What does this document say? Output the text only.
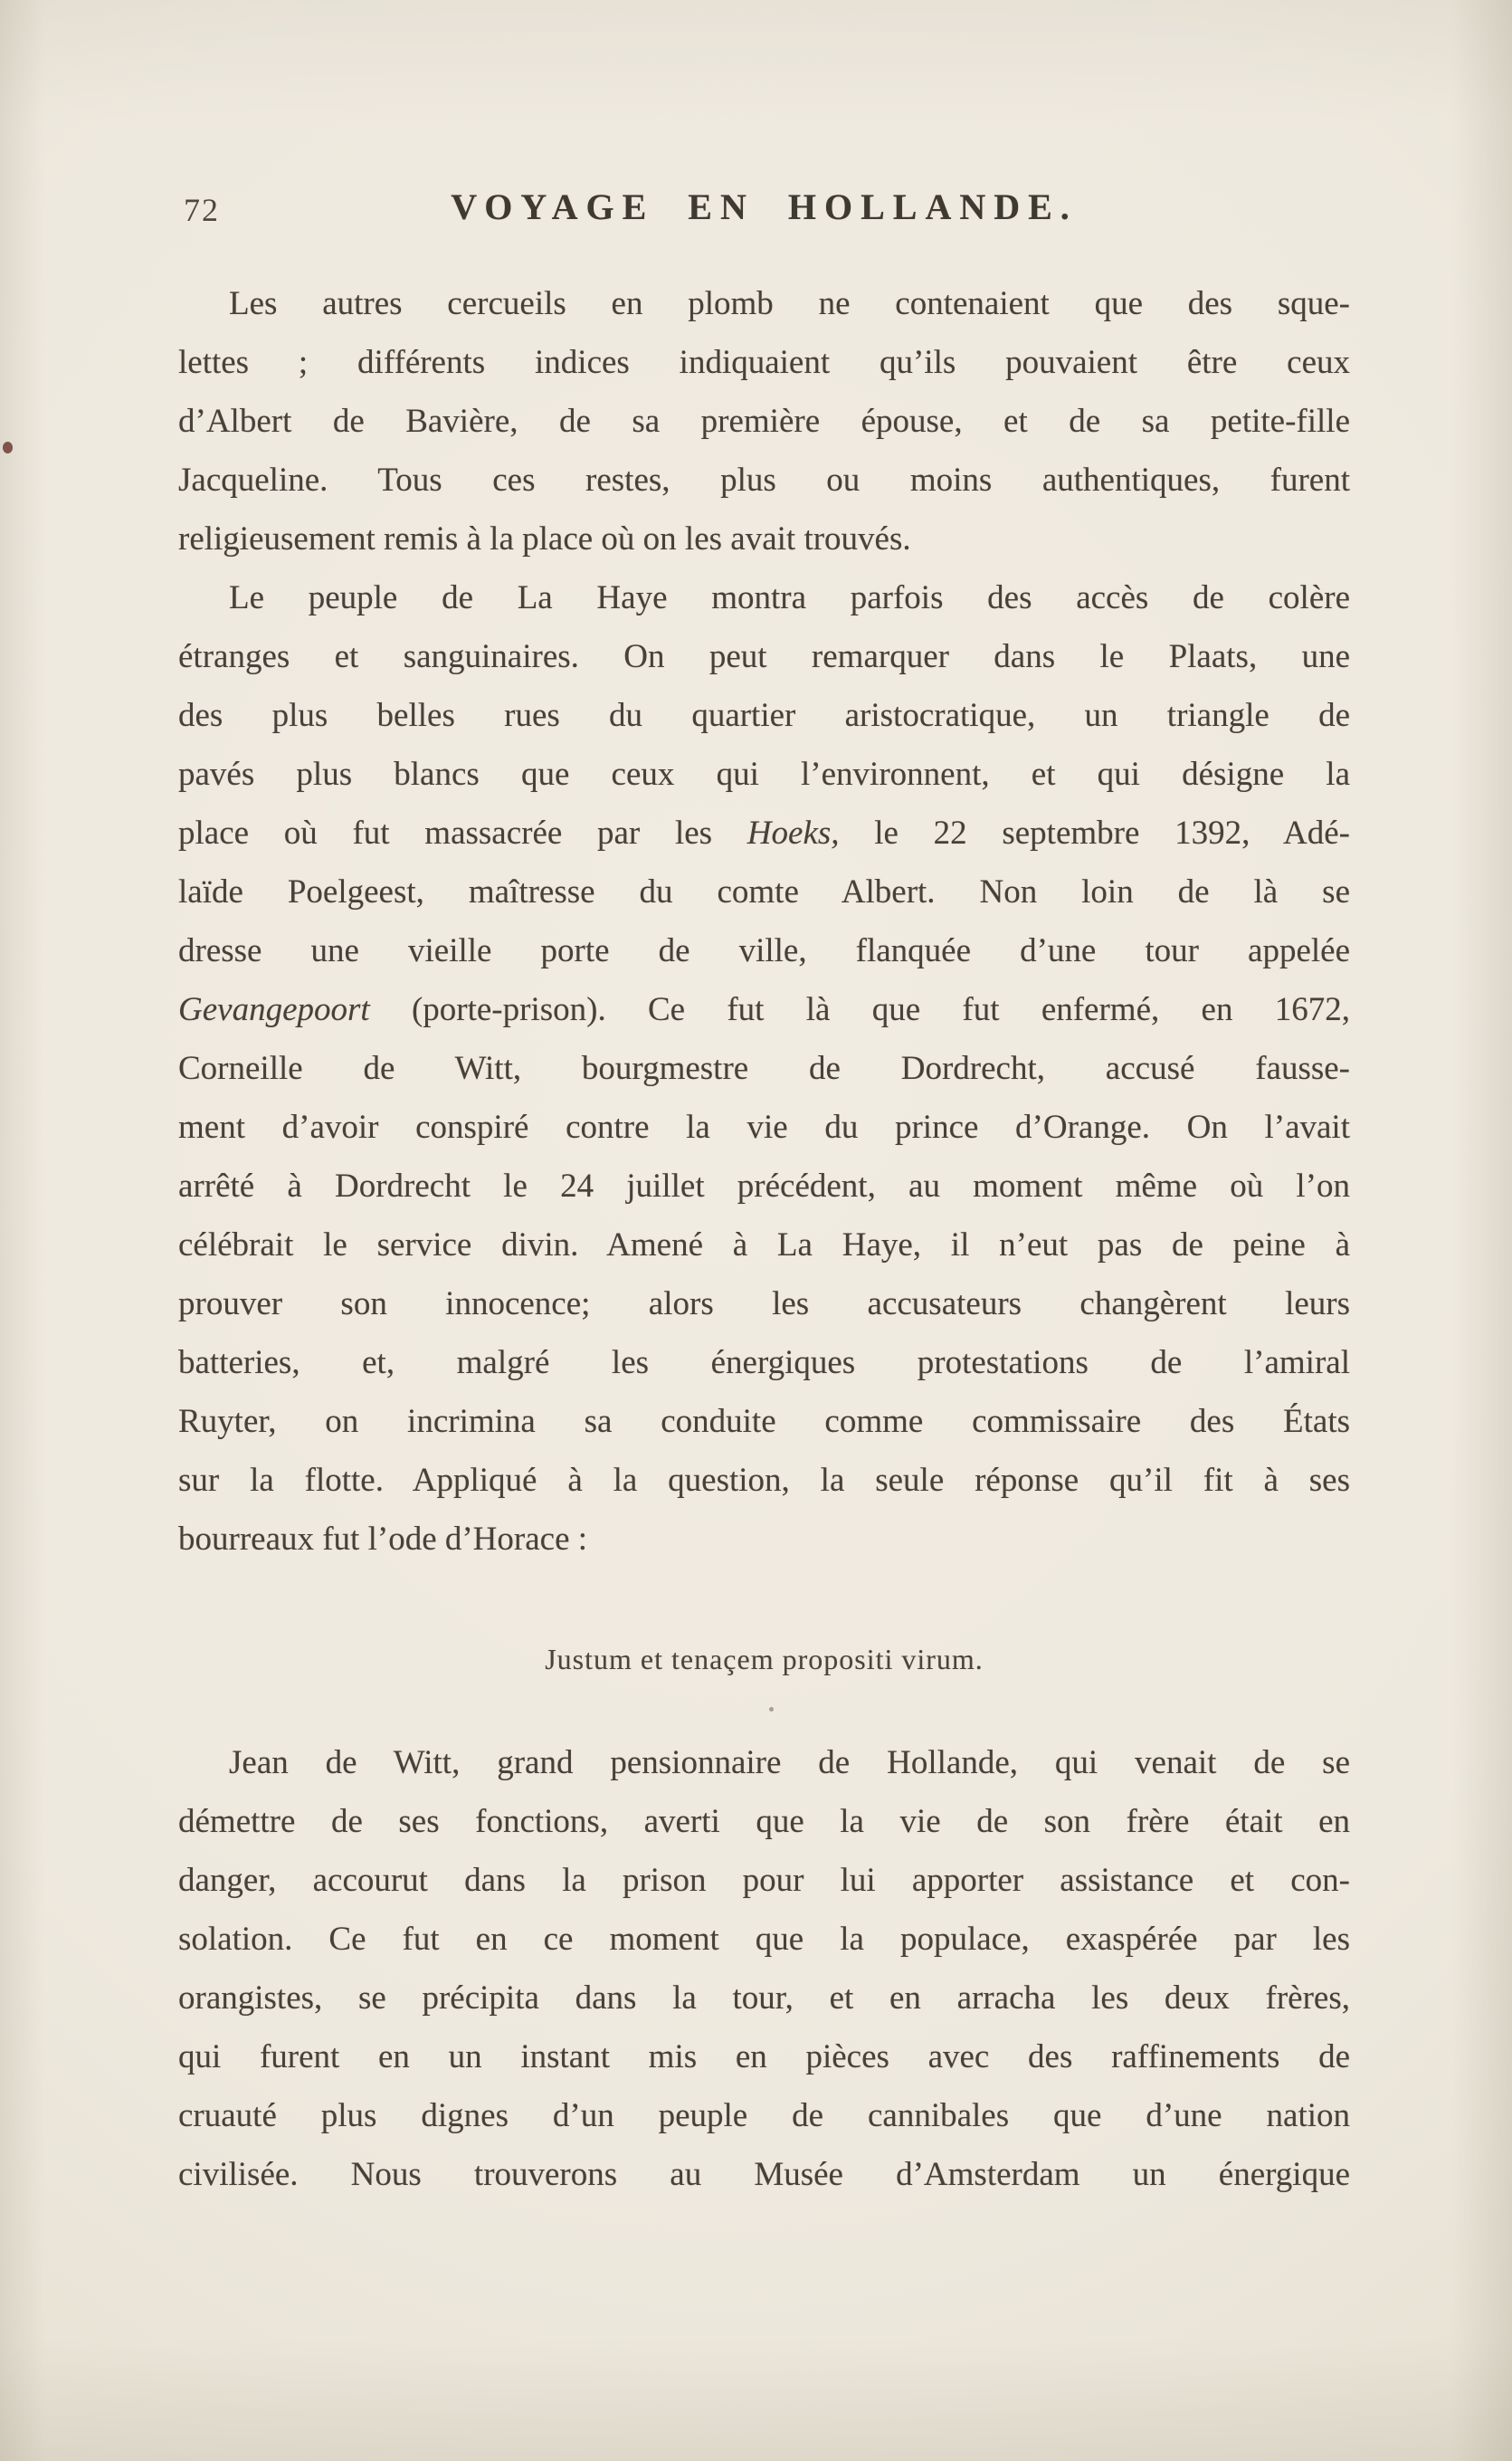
72	VOYAGE EN HOLLANDE.
Les autres cercueils en plomb ne contenaient que des sque-
lettes ; différents indices indiquaient qu’ils pouvaient être ceux
d’Albert de Bavière, de sa première épouse, et de sa petite-fille
Jacqueline. Tous ces restes, plus ou moins authentiques, furent
religieusement remis à la place où on les avait trouvés.
Le peuple de La Haye montra parfois des accès de colère
étranges et sanguinaires. On peut remarquer dans le Plaats, une
des plus belles rues du quartier aristocratique, un triangle de
pavés plus blancs que ceux qui l’environnent, et qui désigne la
place où fut massacrée par les Hoeks, le 22 septembre 1392, Adé-
laïde Poelgeest, maîtresse du comte Albert. Non loin de là se
dresse une vieille porte de ville, flanquée d’une tour appelée
Gevangepoort (porte-prison). Ce fut là que fut enfermé, en 1672,
Corneille de Witt, bourgmestre de Dordrecht, accusé fausse-
ment d’avoir conspiré contre la vie du prince d’Orange. On l’avait
arrêté à Dordrecht le 24 juillet précédent, au moment même où l’on
célébrait le service divin. Amené à La Haye, il n’eut pas de peine à
prouver son innocence; alors les accusateurs changèrent leurs
batteries, et, malgré les énergiques protestations de l’amiral
Ruyter, on incrimina sa conduite comme commissaire des États
sur la flotte. Appliqué à la question, la seule réponse qu’il fit à ses
bourreaux fut l’ode d’Horace :
Justum et tenaçem propositi virum.
Jean de Witt, grand pensionnaire de Hollande, qui venait de se
démettre de ses fonctions, averti que la vie de son frère était en
danger, accourut dans la prison pour lui apporter assistance et con-
solation. Ce fut en ce moment que la populace, exaspérée par les
orangistes, se précipita dans la tour, et en arracha les deux frères,
qui furent en un instant mis en pièces avec des raffinements de
cruauté plus dignes d’un peuple de cannibales que d’une nation
civilisée. Nous trouverons au Musée d’Amsterdam un énergique
